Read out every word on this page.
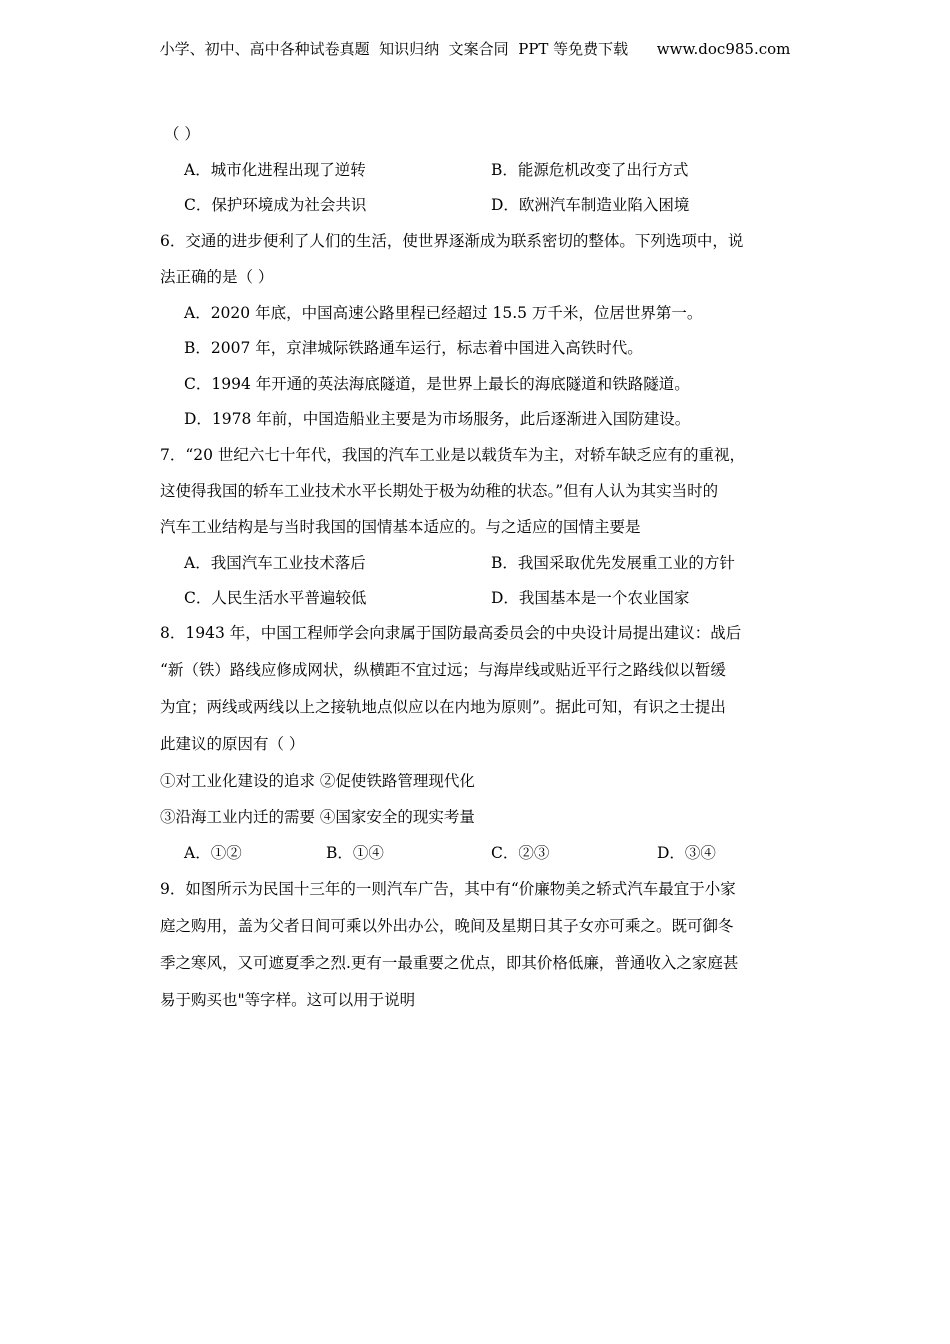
小学、初中、高中各种试卷真题  知识归纳  文案合同  PPT 等免费下载 www.doc985.com
（ ）
A．城市化进程出现了逆转	B．能源危机改变了出行方式
C．保护环境成为社会共识	D．欧洲汽车制造业陷入困境
6．交通的进步便利了人们的生活，使世界逐渐成为联系密切的整体。下列选项中，说
法正确的是（ ）
A．2020 年底，中国高速公路里程已经超过 15.5 万千米，位居世界第一。
B．2007 年，京津城际铁路通车运行，标志着中国进入高铁时代。
C．1994 年开通的英法海底隧道，是世界上最长的海底隧道和铁路隧道。
D．1978 年前，中国造船业主要是为市场服务，此后逐渐进入国防建设。
7．“20 世纪六七十年代，我国的汽车工业是以载货车为主，对轿车缺乏应有的重视，
这使得我国的轿车工业技术水平长期处于极为幼稚的状态。”但有人认为其实当时的
汽车工业结构是与当时我国的国情基本适应的。与之适应的国情主要是
A．我国汽车工业技术落后	B．我国采取优先发展重工业的方针
C．人民生活水平普遍较低	D．我国基本是一个农业国家
8．1943 年，中国工程师学会向隶属于国防最高委员会的中央设计局提出建议：战后
“新（铁）路线应修成网状，纵横距不宜过远；与海岸线或贴近平行之路线似以暂缓
为宜；两线或两线以上之接轨地点似应以在内地为原则”。据此可知，有识之士提出
此建议的原因有（ ）
①对工业化建设的追求 ②促使铁路管理现代化
③沿海工业内迁的需要 ④国家安全的现实考量
A．①②	B．①④	C．②③	D．③④
9．如图所示为民国十三年的一则汽车广告，其中有“价廉物美之轿式汽车最宜于小家
庭之购用，盖为父者日间可乘以外出办公，晚间及星期日其子女亦可乘之。既可御冬
季之寒风，又可遮夏季之烈.更有一最重要之优点，即其价格低廉，普通收入之家庭甚
易于购买也"等字样。这可以用于说明
